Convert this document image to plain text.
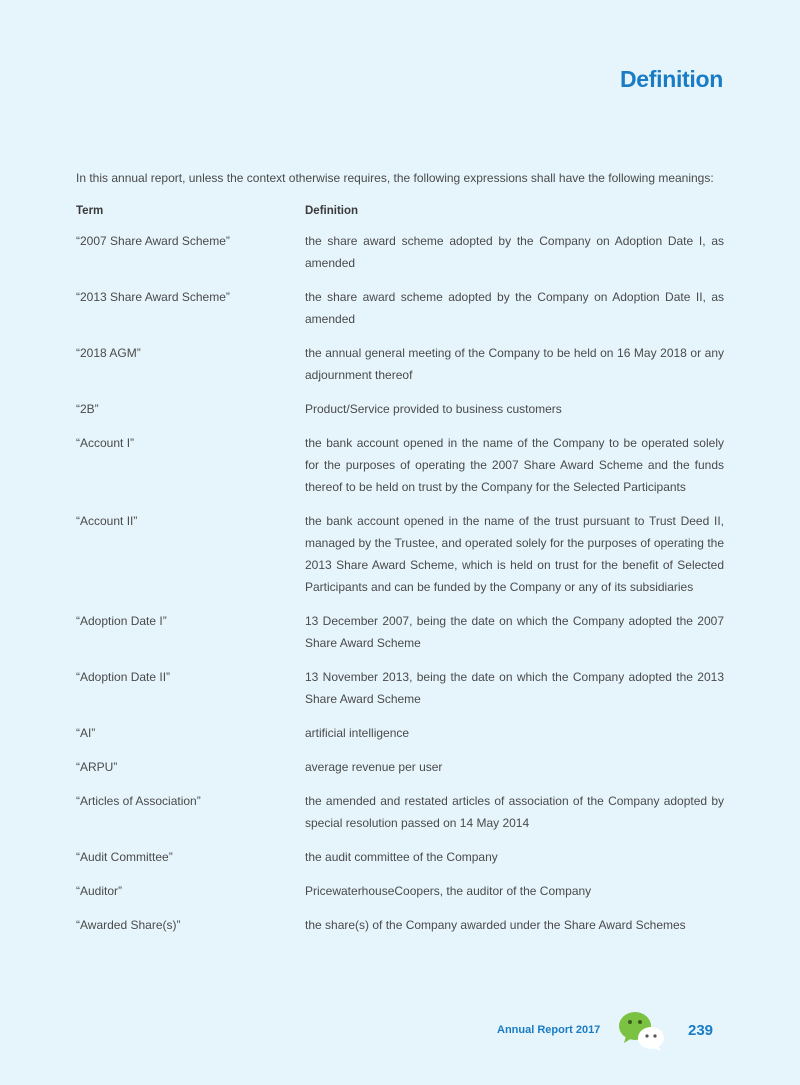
Definition
In this annual report, unless the context otherwise requires, the following expressions shall have the following meanings:
Term	Definition
“2007 Share Award Scheme”	the share award scheme adopted by the Company on Adoption Date I, as amended
“2013 Share Award Scheme”	the share award scheme adopted by the Company on Adoption Date II, as amended
“2018 AGM”	the annual general meeting of the Company to be held on 16 May 2018 or any adjournment thereof
“2B”	Product/Service provided to business customers
“Account I”	the bank account opened in the name of the Company to be operated solely for the purposes of operating the 2007 Share Award Scheme and the funds thereof to be held on trust by the Company for the Selected Participants
“Account II”	the bank account opened in the name of the trust pursuant to Trust Deed II, managed by the Trustee, and operated solely for the purposes of operating the 2013 Share Award Scheme, which is held on trust for the benefit of Selected Participants and can be funded by the Company or any of its subsidiaries
“Adoption Date I”	13 December 2007, being the date on which the Company adopted the 2007 Share Award Scheme
“Adoption Date II”	13 November 2013, being the date on which the Company adopted the 2013 Share Award Scheme
“AI”	artificial intelligence
“ARPU”	average revenue per user
“Articles of Association”	the amended and restated articles of association of the Company adopted by special resolution passed on 14 May 2014
“Audit Committee”	the audit committee of the Company
“Auditor”	PricewaterhouseCoopers, the auditor of the Company
“Awarded Share(s)”	the share(s) of the Company awarded under the Share Award Schemes
Annual Report 2017	239
